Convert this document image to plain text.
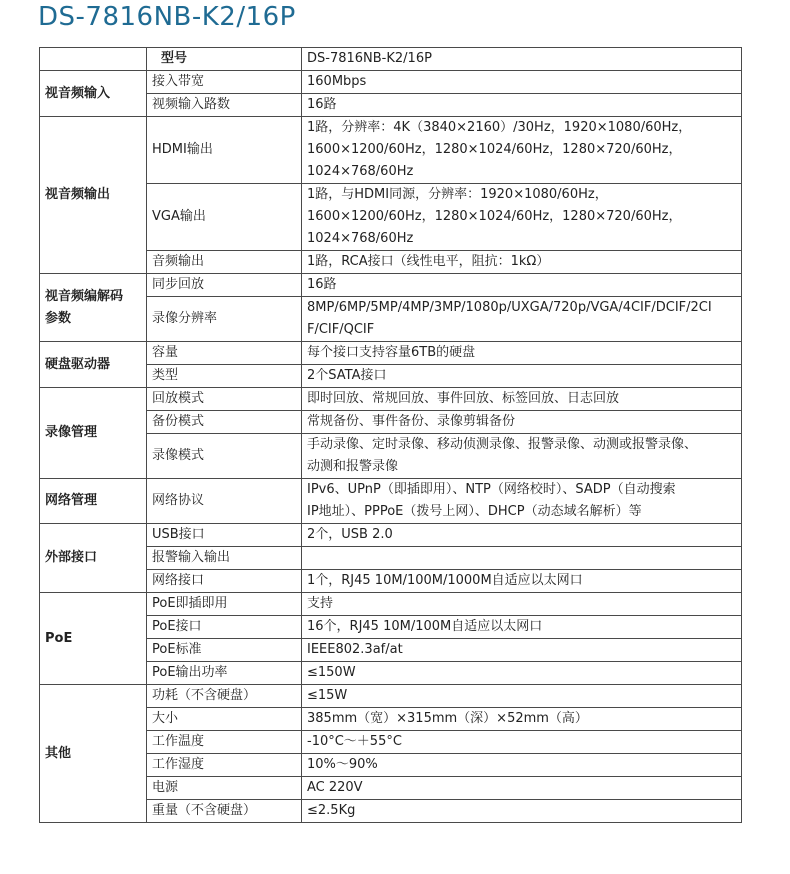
DS-7816NB-K2/16P
	型号	DS-7816NB-K2/16P
视音频输入	接入带宽	160Mbps
	视频输入路数	16路
视音频输出	HDMI输出	1路，分辨率：4K（3840×2160）/30Hz，1920×1080/60Hz，
1600×1200/60Hz，1280×1024/60Hz，1280×720/60Hz，
1024×768/60Hz

	VGA输出	1路，与HDMI同源，分辨率：1920×1080/60Hz，
1600×1200/60Hz，1280×1024/60Hz，1280×720/60Hz，
1024×768/60Hz

	音频输出	1路，RCA接口（线性电平，阻抗：1kΩ）

视音频编解码
参数	同步回放	16路
	录像分辨率	8MP/6MP/5MP/4MP/3MP/1080p/UXGA/720p/VGA/4CIF/DCIF/2CI
F/CIF/QCIF

硬盘驱动器	容量	每个接口支持容量6TB的硬盘
	类型	2个SATA接口
录像管理	回放模式	即时回放、常规回放、事件回放、标签回放、日志回放
	备份模式	常规备份、事件备份、录像剪辑备份
	录像模式	手动录像、定时录像、移动侦测录像、报警录像、动测或报警录像、
动测和报警录像

网络管理	网络协议	IPv6、UPnP（即插即用）、NTP（网络校时）、SADP（自动搜索
IP地址）、PPPoE（拨号上网）、DHCP（动态域名解析）等

外部接口	USB接口	2个，USB 2.0
	报警输入输出	
	网络接口	1个，RJ45 10M/100M/1000M自适应以太网口
PoE	PoE即插即用	支持
	PoE接口	16个，RJ45 10M/100M自适应以太网口
	PoE标准	IEEE802.3af/at
	PoE输出功率	≤150W
其他	功耗（不含硬盘）	≤15W
	大小	385mm（宽）×315mm（深）×52mm（高）
	工作温度	-10°C～＋55°C
	工作湿度	10%～90%
	电源	AC 220V
	重量（不含硬盘）	≤2.5Kg
